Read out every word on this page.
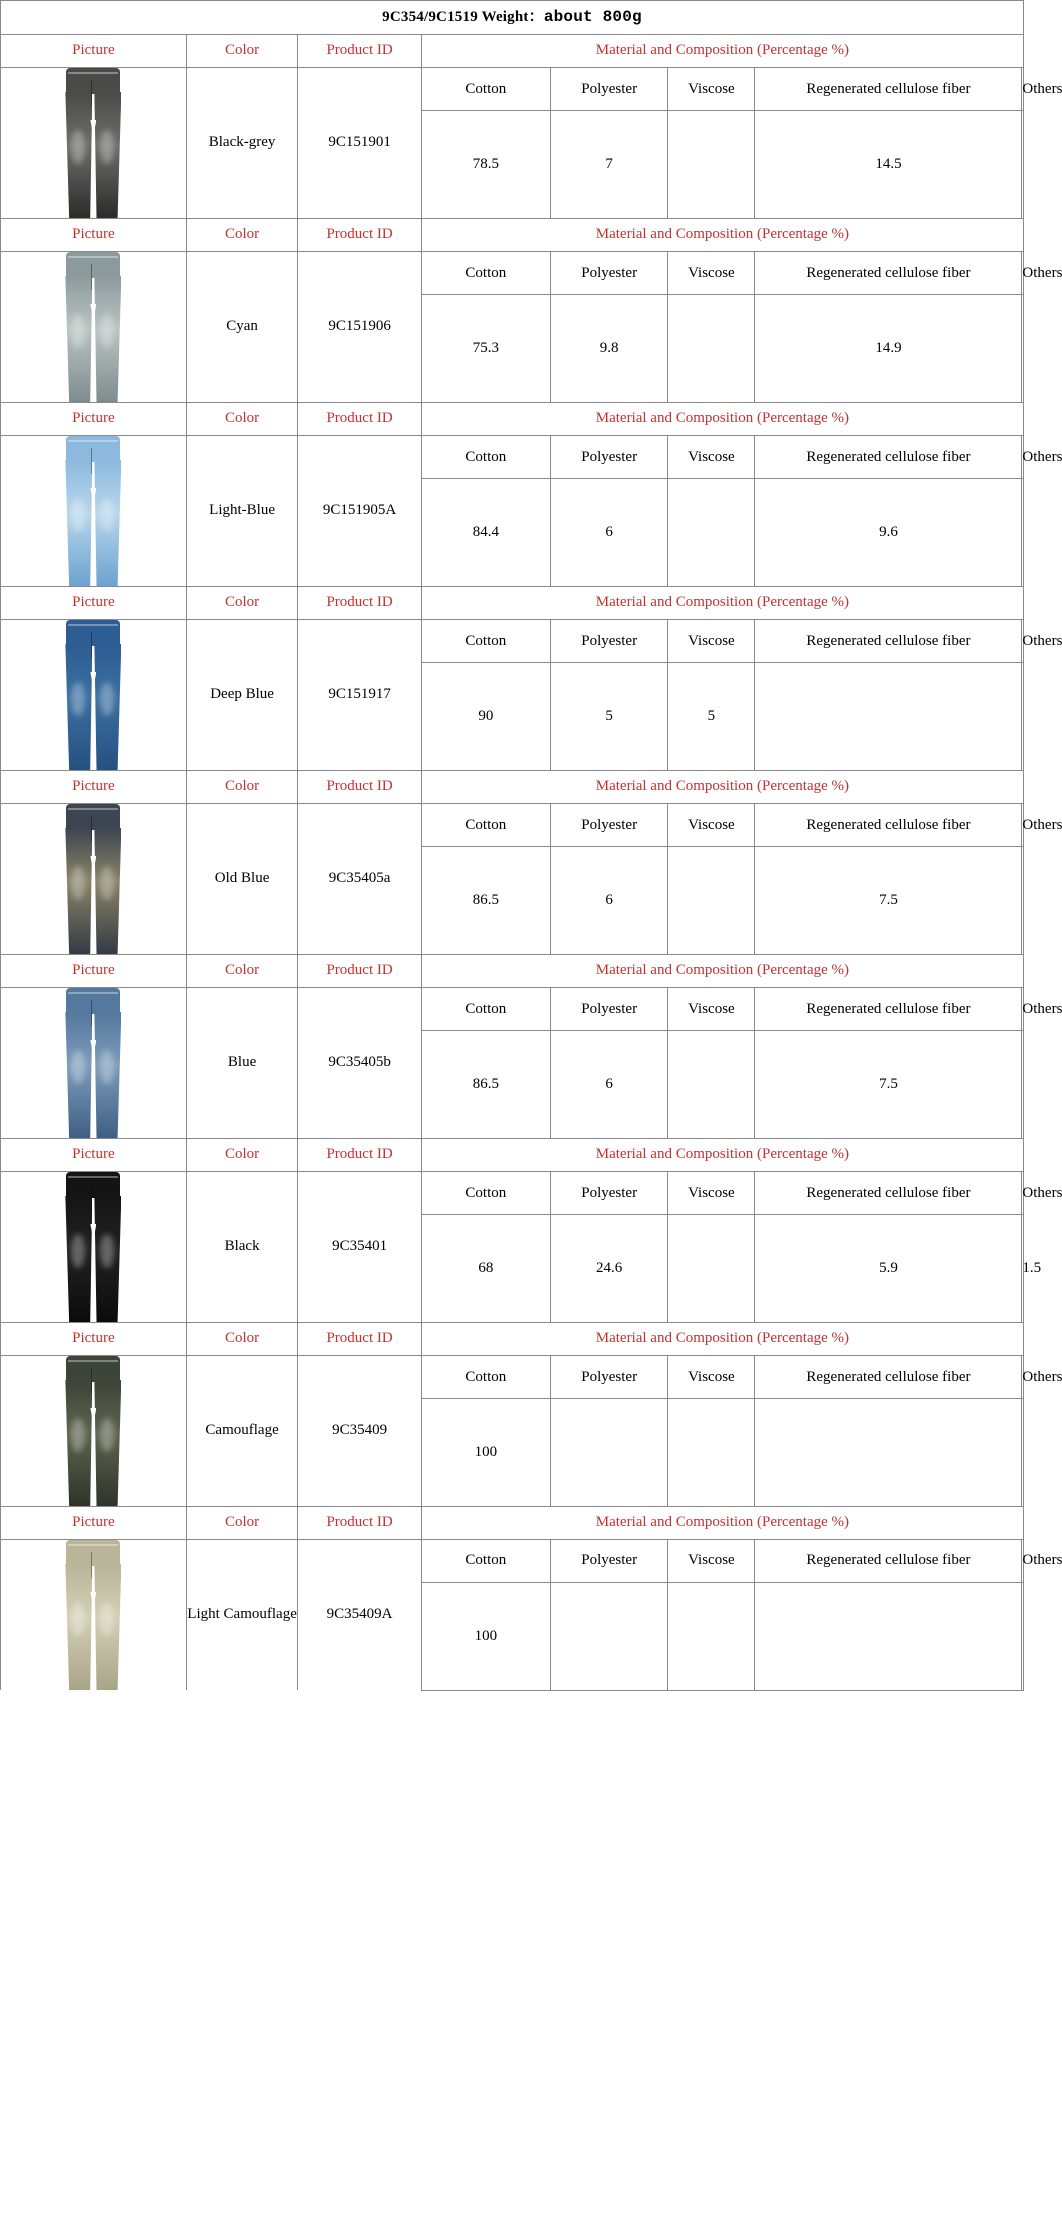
9C354/9C1519 Weight：about 800g							
Picture	Color	Product ID	Material and Composition (Percentage %)				

	Black-grey	9C151901	Cotton	Polyester	Viscose	Regenerated cellulose fiber	Others
			78.5	7		14.5	
Picture	Color	Product ID	Material and Composition (Percentage %)				

	Cyan	9C151906	Cotton	Polyester	Viscose	Regenerated cellulose fiber	Others
			75.3	9.8		14.9	
Picture	Color	Product ID	Material and Composition (Percentage %)				

	Light-Blue	9C151905A	Cotton	Polyester	Viscose	Regenerated cellulose fiber	Others
			84.4	6		9.6	
Picture	Color	Product ID	Material and Composition (Percentage %)				

	Deep Blue	9C151917	Cotton	Polyester	Viscose	Regenerated cellulose fiber	Others
			90	5	5		
Picture	Color	Product ID	Material and Composition (Percentage %)				

	Old Blue	9C35405a	Cotton	Polyester	Viscose	Regenerated cellulose fiber	Others
			86.5	6		7.5	
Picture	Color	Product ID	Material and Composition (Percentage %)				

	Blue	9C35405b	Cotton	Polyester	Viscose	Regenerated cellulose fiber	Others
			86.5	6		7.5	
Picture	Color	Product ID	Material and Composition (Percentage %)				

	Black	9C35401	Cotton	Polyester	Viscose	Regenerated cellulose fiber	Others
			68	24.6		5.9	1.5
Picture	Color	Product ID	Material and Composition (Percentage %)				

	Camouflage	9C35409	Cotton	Polyester	Viscose	Regenerated cellulose fiber	Others
			100				
Picture	Color	Product ID	Material and Composition (Percentage %)				

	Light Camouflage	9C35409A	Cotton	Polyester	Viscose	Regenerated cellulose fiber	Others
			100				
